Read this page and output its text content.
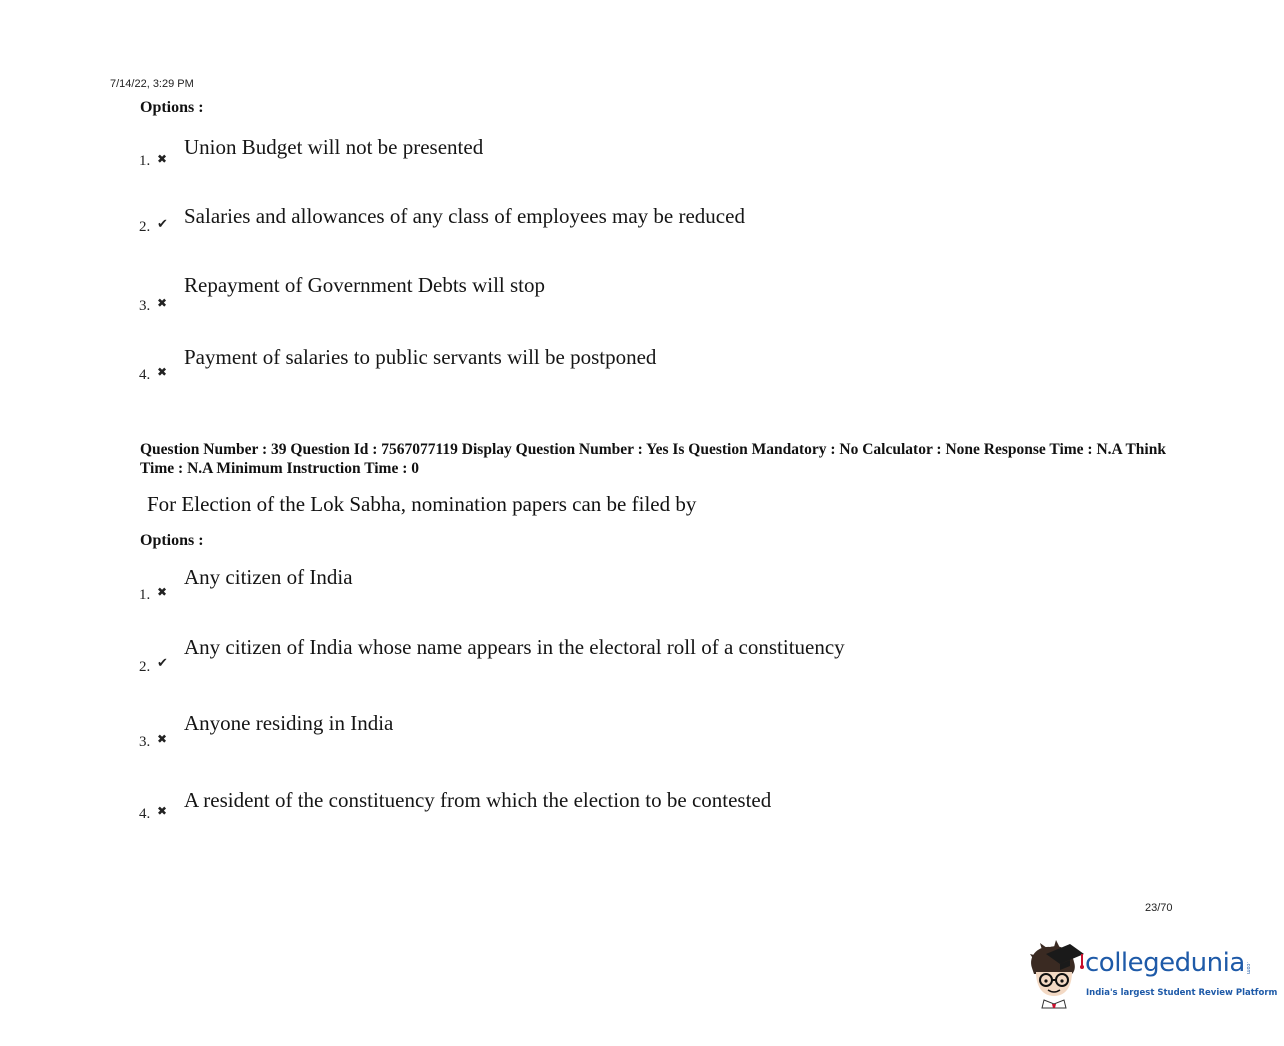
7/14/22, 3:29 PM
Options :
1. ✖ Union Budget will not be presented
2. ✔ Salaries and allowances of any class of employees may be reduced
3. ✖
Repayment of Government Debts will stop
4. ✖
Payment of salaries to public servants will be postponed
Question Number : 39 Question Id : 7567077119 Display Question Number : Yes Is Question Mandatory : No Calculator : None Response Time : N.A Think Time : N.A Minimum Instruction Time : 0
For Election of the Lok Sabha, nomination papers can be filed by
Options :
1. ✖
Any citizen of India
2. ✔
Any citizen of India whose name appears in the electoral roll of a constituency
3. ✖
Anyone residing in India
4. ✖ A resident of the constituency from which the election to be contested
23/70
collegedunia .com
India's largest Student Review Platform
